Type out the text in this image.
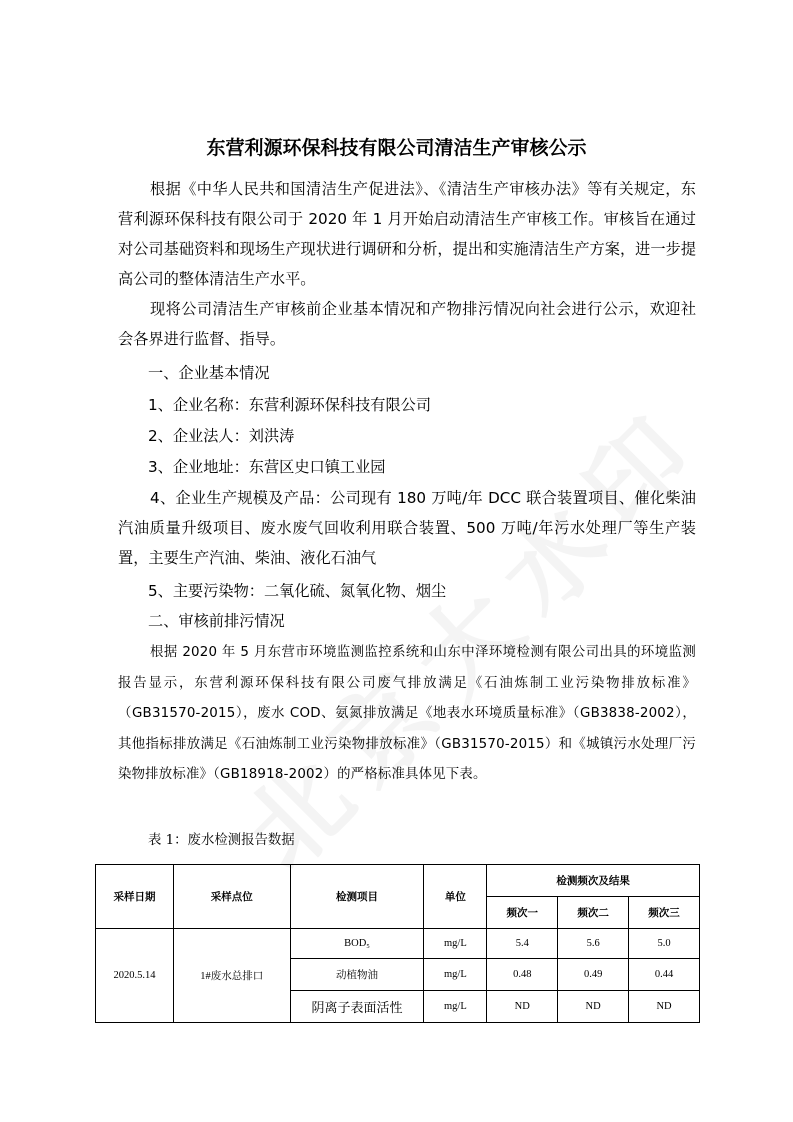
东营利源环保科技有限公司清洁生产审核公示
根据《中华人民共和国清洁生产促进法》、《清洁生产审核办法》等有关规定，东营利源环保科技有限公司于 2020 年 1 月开始启动清洁生产审核工作。审核旨在通过对公司基础资料和现场生产现状进行调研和分析，提出和实施清洁生产方案，进一步提高公司的整体清洁生产水平。
现将公司清洁生产审核前企业基本情况和产物排污情况向社会进行公示，欢迎社会各界进行监督、指导。
一、企业基本情况
1、企业名称：东营利源环保科技有限公司
2、企业法人：刘洪涛
3、企业地址：东营区史口镇工业园
4、企业生产规模及产品：公司现有 180 万吨/年 DCC 联合装置项目、催化柴油汽油质量升级项目、废水废气回收利用联合装置、500 万吨/年污水处理厂等生产装置，主要生产汽油、柴油、液化石油气
5、主要污染物：二氧化硫、氮氧化物、烟尘
二、审核前排污情况
根据 2020 年 5 月东营市环境监测监控系统和山东中泽环境检测有限公司出具的环境监测报告显示，东营利源环保科技有限公司废气排放满足《石油炼制工业污染物排放标准》（GB31570-2015），废水 COD、氨氮排放满足《地表水环境质量标准》（GB3838-2002），其他指标排放满足《石油炼制工业污染物排放标准》（GB31570-2015）和《城镇污水处理厂污染物排放标准》（GB18918-2002）的严格标准具体见下表。
表 1：废水检测报告数据
采样日期	采样点位	检测项目	单位	检测频次及结果		
				频次一	频次二	频次三
2020.5.14	1#废水总排口	BOD₅	mg/L	5.4	5.6	5.0
		动植物油	mg/L	0.48	0.49	0.44
		阴离子表面活性	mg/L	ND	ND	ND
